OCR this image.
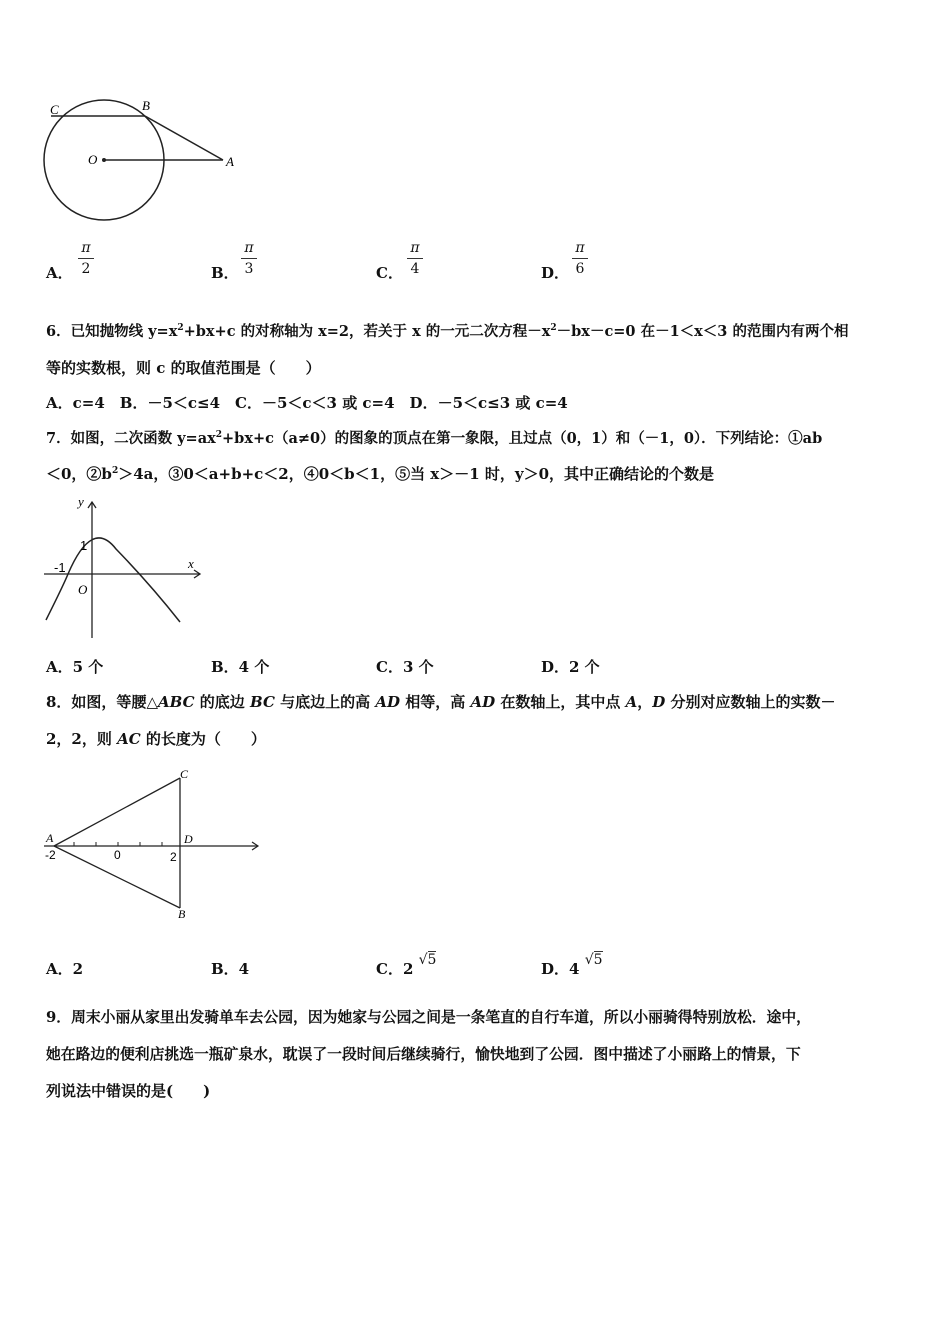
C	B
O	A
A．
π
2	B．
π
3	C．
π
4	D．
π
6
6．已知抛物线 $y=x^2+bx+c$ 的对称轴为 x=2，若关于 x 的一元二次方程$-x^2-bx-c=0$ 在－1＜x＜3 的范围内有两个相
等的实数根，则 c 的取值范围是（　　）
A．c=4　B．－5＜c≤4　C．－5＜c＜3 或 c=4　D．－5＜c≤3 或 c=4
7．如图，二次函数 $y=ax^2+bx+c(a\ne 0)$的图象的顶点在第一象限，且过点（0，1）和（－1，0）．下列结论：①ab
＜0，$②b^2>4a$，③0＜a+b+c＜2，④0＜b＜1，⑤当 x＞－1 时，y＞0，其中正确结论的个数是
y
x
1
-1
O
A．5 个	B．4 个	C．3 个	D．2 个
8．如图，等腰△ABC 的底边 BC 与底边上的高 AD 相等，高 AD 在数轴上，其中点 A，D 分别对应数轴上的实数－
2，2，则 AC 的长度为（　　）
C
B
A	D
-2	0	2
A．2	B．4	C．2 √5	D．4 √5
9．周末小丽从家里出发骑单车去公园，因为她家与公园之间是一条笔直的自行车道，所以小丽骑得特别放松．途中，
她在路边的便利店挑选一瓶矿泉水，耽误了一段时间后继续骑行，愉快地到了公园．图中描述了小丽路上的情景，下
列说法中错误的是(　　)
